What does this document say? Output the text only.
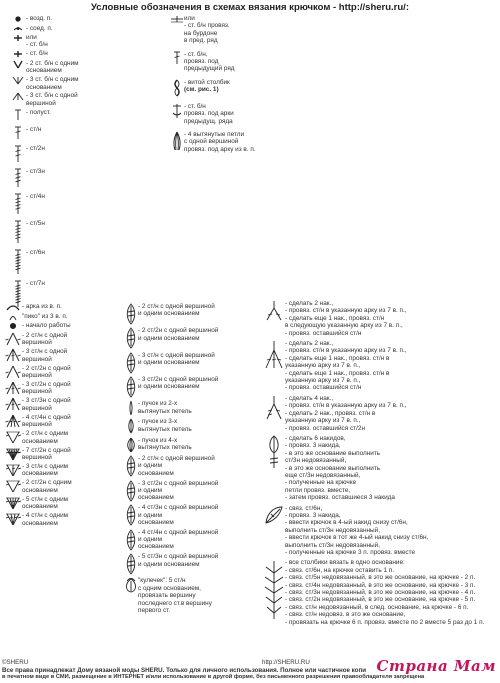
Условные обозначения в схемах вязания крючком - http://sheru.ru/:
- возд. п.
- соед. п.
или
- ст. б/н
- ст. б/н
- 2 ст. б/н с одним
основанием
- 3 ст. б/н с одним
основанием
- 3 ст. б/н с одной
вершиной
- полуст.
- ст/н
- ст/2н
- ст/3н
- ст/4н
- ст/5н
- ст/6н
- ст/7н
или
- ст. б/н провяз.
на бурдоне
в пред. ряд
- ст. б/н,
провяз. под
предыдущий ряд
- витой столбик
(см. рис. 1)
- ст. б/н
провяз. под арки
предыдущ. ряда
- 4 вытянутые петли
с одной вершиной
провяз. под арку из в. п.
- арка из в. п.
"пико" из 3 в. п.
- начало работы
- 2 ст/н с одной
вершиной
- 3 ст/н с одной
вершиной
- 2 ст/2н с одной
вершиной
- 3 ст/2н с одной
вершиной
- 3 ст/3н с одной
вершиной
- 4 ст/4н с одной
вершиной
- 2 ст/н с одним
основанием
- 7 ст/2н с одной
вершиной
- 3 ст/н с одним
основанием
- 2 ст/2н с одним
основанием
- 5 ст/н с одним
основанием
- 4 ст/н с одним
основанием
- 2 ст/н с одной вершиной
и одним основанием
- 2 ст/2н с одной вершиной
и одним основанием
- 3 ст/н с одной вершиной
и одним основанием
- 3 ст/2н с одной вершиной
и одним основанием
- пучок из 2-х
вытянутых петель
- пучок из 3-х
вытянутых петель
- пучок из 4-х
вытянутых петель
- 2 ст/н с одной вершиной
и одним
основанием
- 3 ст/2н с одной вершиной
и одним
основанием
- 4 ст/3н с одной вершиной
и одним
основанием
- 4 ст/4н с одной вершиной
и одним
основанием
- 5 ст/3н с одной вершиной
и одним основанием
"кулечек": 5 ст/н
с одним основанием,
провязать вершину
последнего ст.в вершину
первого ст.
- сделать 2 нак.,
- провяз. ст/н в указанную арку из 7 в. п.,
- сделать еще 1 нак., провяз. ст/н
в следующую указанную арку из 7 в. п.,
- провяз. оставшийся ст/н
- сделать 2 нак.,
- провяз. ст/н в указанную арку из 7 в. п.,
- сделать еще 1 нак., провяз. ст/н в
указанную арку из 7 в. п.,
- сделать еще 1 нак., провяз. ст/н в
указанную арку из 7 в. п.,
- провяз. оставшийся ст/н
- сделать 4 нак.,
- провяз. ст/н в указанную арку из 7 в. п.,
- сделать 2 нак., провяз. ст/н в
указанную арку из 7 в. п.,
- провяз. оставшийся ст/2н
- сделать 6 накидов,
- провяз. 3 накида,
- в это же основание выполнить
ст/3н недовязанный,
- в это же основание выполнить
еще ст/3н недовязанный,
- полученные на крючке
петли провяз. вместе,
- затем провяз. оставшиеся 3 накида
- связ. ст/6н,
- провяз. 3 накида,
- ввести крючок в 4-ый накид снизу ст/6н,
выполнить ст/3н недовязанный,
- ввести крючок в тот же 4-ый накид снизу ст/6н,
выполнить ст/3н недовязанный,
- полученные на крючке 3 п. провяз. вместе
- все столбики вязать в одно основание:
- связ. ст/6н, на крючке оставить 1 п.
- связ. ст/5н недовязанный, в это же основание, на крючке - 2 п.
- связ. ст/4н недовязанный, в это же основание, на крючке - 3 п.
- связ. ст/3н недовязанный, в это же основание, на крючке - 4 п.
- связ. ст/2н недовязанный, в это же основание, на крючке - 5 п.
- связ. ст/н недовязанный, в след. основание, на крючке - 6 п.
- связ. ст/н недовяз. в это же основание,
- провязать на крючке 6 п. провяз. вместе по 2 вместе 5 раз до 1 п.
©SHERU	http://SHERU.RU
Все права принадлежат Дому вязаной моды SHERU. Только для личного использования. Полное или частичное копи
в печатном виде в СМИ, размещение в ИНТЕРНЕТ и/или использование в другой форме, без письменного разрешения правообладателя запрещена
Страна Мам
